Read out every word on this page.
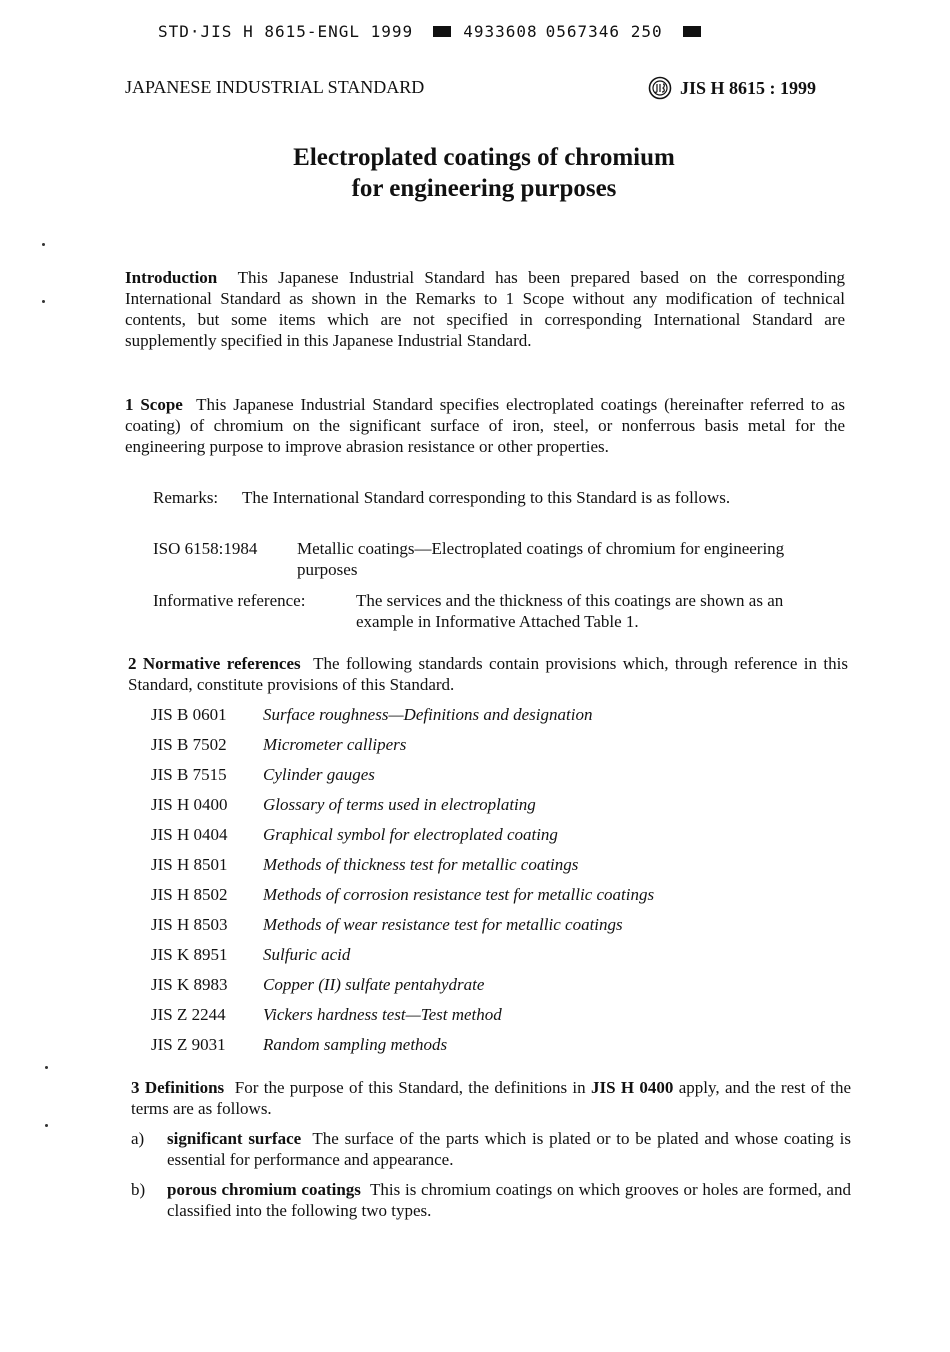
STD·JIS H 8615-ENGL 1999	4933608 0567346 250
JAPANESE INDUSTRIAL STANDARD	JIS H 8615 : 1999
Electroplated coatings of chromium
for engineering purposes
Introduction This Japanese Industrial Standard has been prepared based on the corresponding International Standard as shown in the Remarks to 1 Scope without any modification of technical contents, but some items which are not specified in corresponding International Standard are supplemently specified in this Japanese Industrial Standard.
1 Scope This Japanese Industrial Standard specifies electroplated coatings (hereinafter referred to as coating) of chromium on the significant surface of iron, steel, or nonferrous basis metal for the engineering purpose to improve abrasion resistance or other properties.
Remarks: The International Standard corresponding to this Standard is as follows.
ISO 6158:1984 Metallic coatings—Electroplated coatings of chromium for engineering purposes
Informative reference:	The services and the thickness of this coatings are shown as an example in Informative Attached Table 1.
2 Normative references The following standards contain provisions which, through reference in this Standard, constitute provisions of this Standard.
JIS B 0601 Surface roughness—Definitions and designation
JIS B 7502 Micrometer callipers
JIS B 7515 Cylinder gauges
JIS H 0400 Glossary of terms used in electroplating
JIS H 0404 Graphical symbol for electroplated coating
JIS H 8501 Methods of thickness test for metallic coatings
JIS H 8502 Methods of corrosion resistance test for metallic coatings
JIS H 8503 Methods of wear resistance test for metallic coatings
JIS K 8951 Sulfuric acid
JIS K 8983 Copper (II) sulfate pentahydrate
JIS Z 2244 Vickers hardness test—Test method
JIS Z 9031 Random sampling methods
3 Definitions For the purpose of this Standard, the definitions in JIS H 0400 apply, and the rest of the terms are as follows.
a) significant surface The surface of the parts which is plated or to be plated and whose coating is essential for performance and appearance.
b) porous chromium coatings This is chromium coatings on which grooves or holes are formed, and classified into the following two types.
